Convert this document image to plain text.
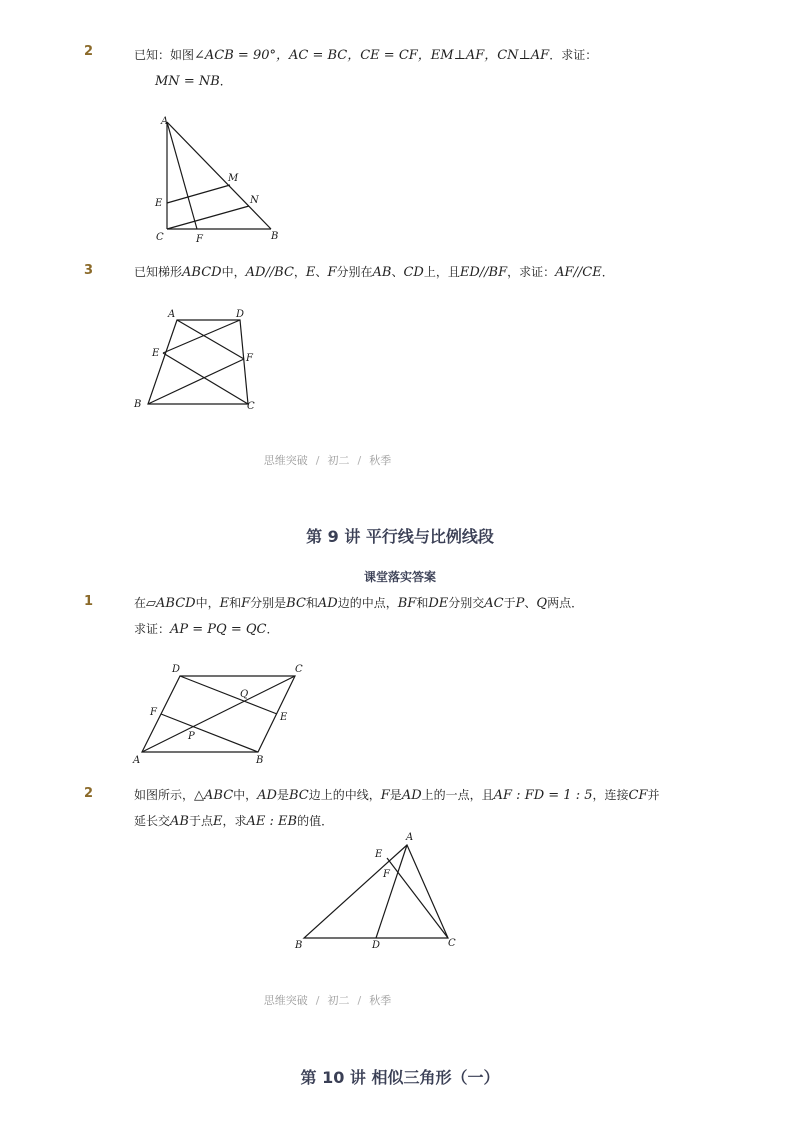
2	已知：如图∠ACB = 90°，AC = BC，CE = CF，EM⊥AF，CN⊥AF．求证：
MN = NB．
A
M
N
E
C	F	B
3	已知梯形ABCD中，AD//BC，E、F分别在AB、CD上，且ED//BF，求证：AF//CE．
A	D
E	F
B	C
思维突破 / 初二 / 秋季
第 9 讲 平行线与比例线段
课堂落实答案
1	在▱ABCD中，E和F分别是BC和AD边的中点，BF和DE分别交AC于P、Q两点．
求证：AP = PQ = QC．
D	C
Q
F	E
P
A	B
2	如图所示，△ABC中，AD是BC边上的中线，F是AD上的一点，且AF : FD = 1 : 5，连接CF并
延长交AB于点E，求AE : EB的值．
A
E
F
B	D	C
思维突破 / 初二 / 秋季
第 10 讲 相似三角形（一）
